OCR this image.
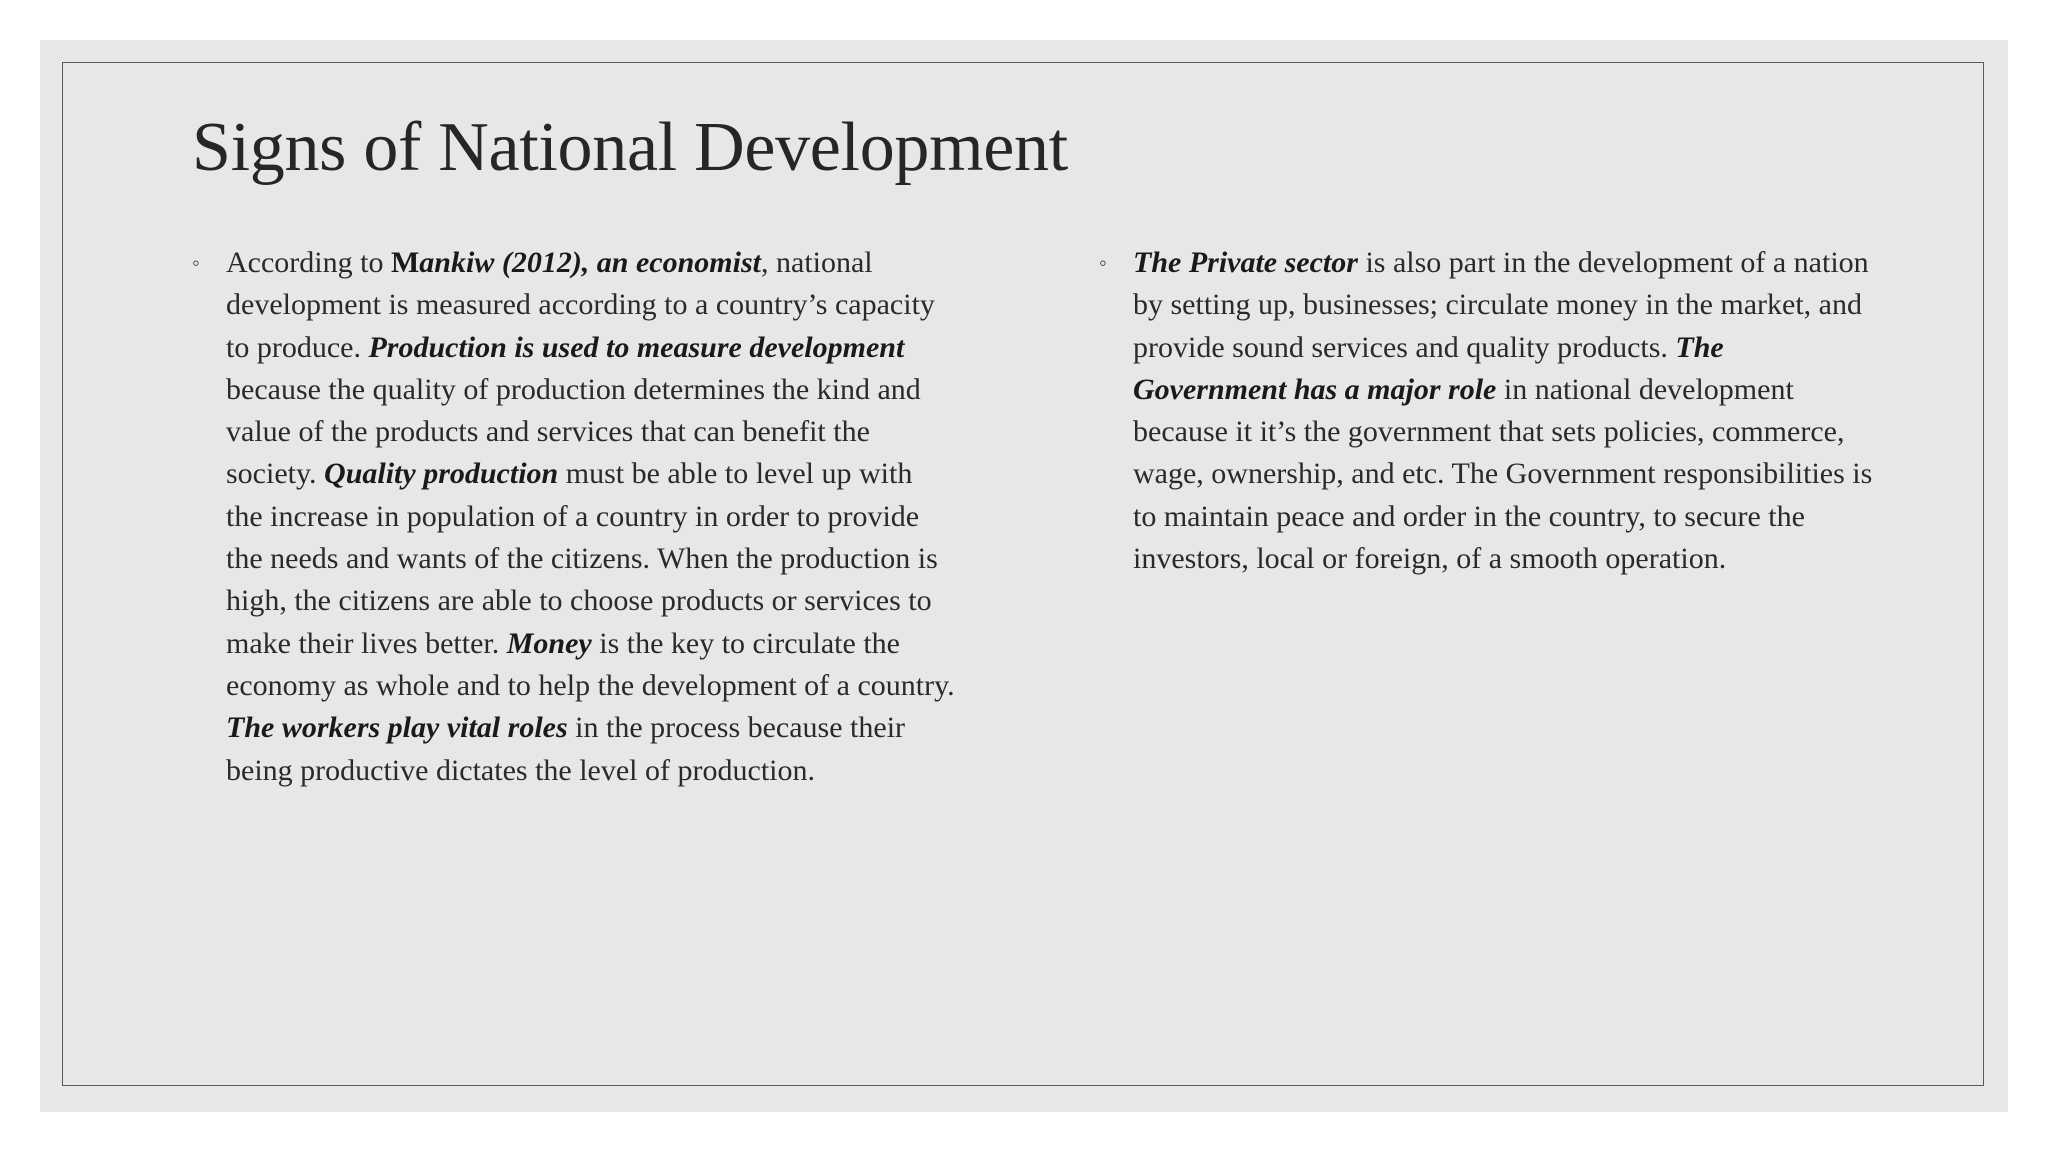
Signs of National Development

◦ According to Mankiw (2012), an economist, national development is measured according to a country’s capacity to produce. Production is used to measure development because the quality of production determines the kind and value of the products and services that can benefit the society. Quality production must be able to level up with the increase in population of a country in order to provide the needs and wants of the citizens. When the production is high, the citizens are able to choose products or services to make their lives better. Money is the key to circulate the economy as whole and to help the development of a country. The workers play vital roles in the process because their being productive dictates the level of production.

◦ The Private sector is also part in the development of a nation by setting up, businesses; circulate money in the market, and provide sound services and quality products. The Government has a major role in national development because it it’s the government that sets policies, commerce, wage, ownership, and etc. The Government responsibilities is to maintain peace and order in the country, to secure the investors, local or foreign, of a smooth operation.
